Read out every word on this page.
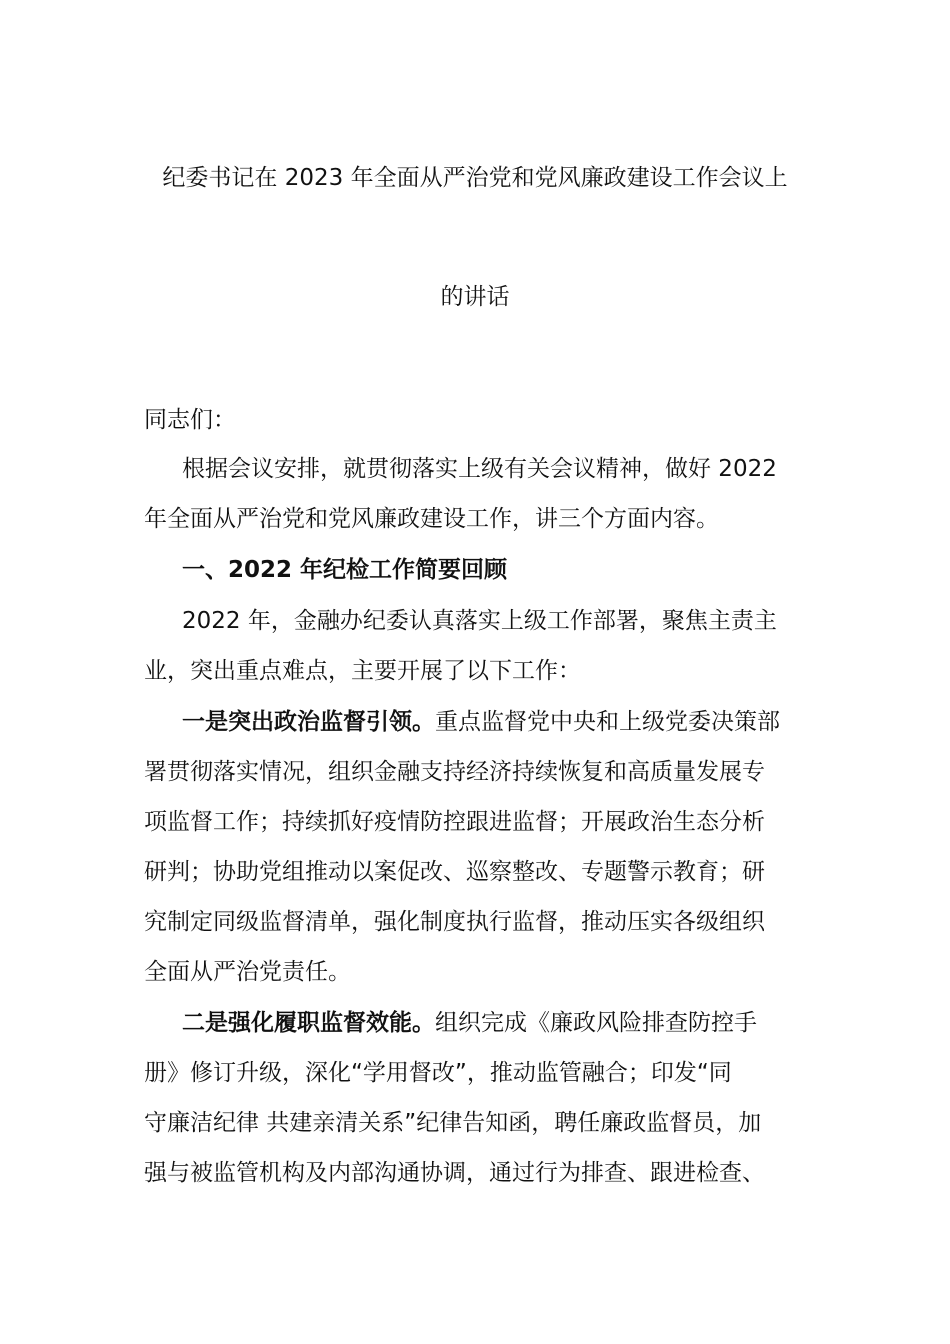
纪委书记在 2023 年全面从严治党和党风廉政建设工作会议上
的讲话
同志们：
根据会议安排，就贯彻落实上级有关会议精神，做好 2022
年全面从严治党和党风廉政建设工作，讲三个方面内容。
一、2022 年纪检工作简要回顾
2022 年，金融办纪委认真落实上级工作部署，聚焦主责主
业，突出重点难点，主要开展了以下工作：
一是突出政治监督引领。重点监督党中央和上级党委决策部
署贯彻落实情况，组织金融支持经济持续恢复和高质量发展专
项监督工作；持续抓好疫情防控跟进监督；开展政治生态分析
研判；协助党组推动以案促改、巡察整改、专题警示教育；研
究制定同级监督清单，强化制度执行监督，推动压实各级组织
全面从严治党责任。
二是强化履职监督效能。组织完成《廉政风险排查防控手
册》修订升级，深化“学用督改”，推动监管融合；印发“同
守廉洁纪律 共建亲清关系”纪律告知函，聘任廉政监督员，加
强与被监管机构及内部沟通协调，通过行为排查、跟进检查、
